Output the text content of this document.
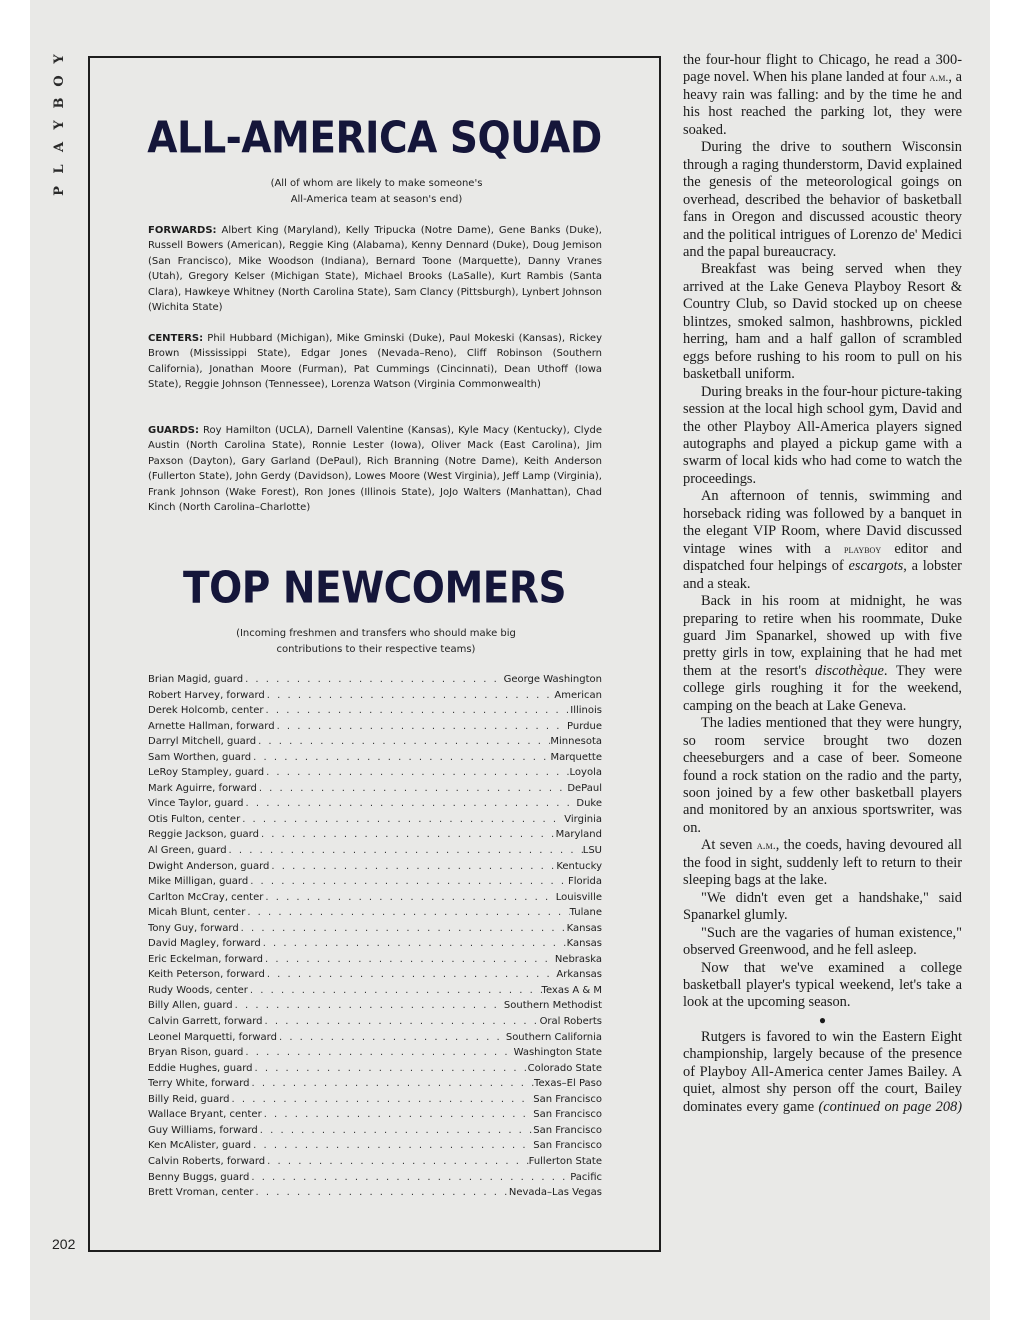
Y
O
B
Y
A
L
P
202
ALL-AMERICA SQUAD
(All of whom are likely to make someone's
All-America team at season's end)
FORWARDS: Albert King (Maryland), Kelly Tripucka (Notre Dame), Gene Banks (Duke), Russell Bowers (American), Reggie King (Alabama), Kenny Dennard (Duke), Doug Jemison (San Francisco), Mike Woodson (Indiana), Bernard Toone (Marquette), Danny Vranes (Utah), Gregory Kelser (Michigan State), Michael Brooks (LaSalle), Kurt Rambis (Santa Clara), Hawkeye Whitney (North Carolina State), Sam Clancy (Pittsburgh), Lynbert Johnson (Wichita State)
CENTERS: Phil Hubbard (Michigan), Mike Gminski (Duke), Paul Mokeski (Kansas), Rickey Brown (Mississippi State), Edgar Jones (Nevada–Reno), Cliff Robinson (Southern California), Jonathan Moore (Furman), Pat Cummings (Cincinnati), Dean Uthoff (Iowa State), Reggie Johnson (Tennessee), Lorenza Watson (Virginia Commonwealth)
GUARDS: Roy Hamilton (UCLA), Darnell Valentine (Kansas), Kyle Macy (Kentucky), Clyde Austin (North Carolina State), Ronnie Lester (Iowa), Oliver Mack (East Carolina), Jim Paxson (Dayton), Gary Garland (DePaul), Rich Branning (Notre Dame), Keith Anderson (Fullerton State), John Gerdy (Davidson), Lowes Moore (West Virginia), Jeff Lamp (Virginia), Frank Johnson (Wake Forest), Ron Jones (Illinois State), JoJo Walters (Manhattan), Chad Kinch (North Carolina–Charlotte)
TOP NEWCOMERS
(Incoming freshmen and transfers who should make big
contributions to their respective teams)
Brian Magid, guard . . .	George Washington
Robert Harvey, forward . . .	American
Derek Holcomb, center . . .	Illinois
Arnette Hallman, forward . . .	Purdue
Darryl Mitchell, guard . . .	Minnesota
Sam Worthen, guard . . .	Marquette
LeRoy Stampley, guard . . .	Loyola
Mark Aguirre, forward . . .	DePaul
Vince Taylor, guard . . .	Duke
Otis Fulton, center . . .	Virginia
Reggie Jackson, guard . . .	Maryland
Al Green, guard . . .	LSU
Dwight Anderson, guard . . .	Kentucky
Mike Milligan, guard . . .	Florida
Carlton McCray, center . . .	Louisville
Micah Blunt, center . . .	Tulane
Tony Guy, forward . . .	Kansas
David Magley, forward . . .	Kansas
Eric Eckelman, forward . . .	Nebraska
Keith Peterson, forward . . .	Arkansas
Rudy Woods, center . . .	Texas A & M
Billy Allen, guard . . .	Southern Methodist
Calvin Garrett, forward . . .	Oral Roberts
Leonel Marquetti, forward . . .	Southern California
Bryan Rison, guard . . .	Washington State
Eddie Hughes, guard . . .	Colorado State
Terry White, forward . . .	Texas–El Paso
Billy Reid, guard . . .	San Francisco
Wallace Bryant, center . . .	San Francisco
Guy Williams, forward . . .	San Francisco
Ken McAlister, guard . . .	San Francisco
Calvin Roberts, forward . . .	Fullerton State
Benny Buggs, guard . . .	Pacific
Brett Vroman, center . . .	Nevada–Las Vegas

the four-hour flight to Chicago, he read a 300-page novel. When his plane landed at four a.m., a heavy rain was falling: and by the time he and his host reached the parking lot, they were soaked.

During the drive to southern Wisconsin through a raging thunderstorm, David explained the genesis of the meteorological goings on overhead, described the behavior of basketball fans in Oregon and discussed acoustic theory and the political intrigues of Lorenzo de' Medici and the papal bureaucracy.

Breakfast was being served when they arrived at the Lake Geneva Playboy Resort & Country Club, so David stocked up on cheese blintzes, smoked salmon, hashbrowns, pickled herring, ham and a half gallon of scrambled eggs before rushing to his room to pull on his basketball uniform.

During breaks in the four-hour picture-taking session at the local high school gym, David and the other Playboy All-America players signed autographs and played a pickup game with a swarm of local kids who had come to watch the proceedings.

An afternoon of tennis, swimming and horseback riding was followed by a banquet in the elegant VIP Room, where David discussed vintage wines with a playboy editor and dispatched four helpings of escargots, a lobster and a steak.

Back in his room at midnight, he was preparing to retire when his roommate, Duke guard Jim Spanarkel, showed up with five pretty girls in tow, explaining that he had met them at the resort's discothèque. They were college girls roughing it for the weekend, camping on the beach at Lake Geneva.

The ladies mentioned that they were hungry, so room service brought two dozen cheeseburgers and a case of beer. Someone found a rock station on the radio and the party, soon joined by a few other basketball players and monitored by an anxious sportswriter, was on.

At seven a.m., the coeds, having devoured all the food in sight, suddenly left to return to their sleeping bags at the lake.

"We didn't even get a handshake," said Spanarkel glumly.

"Such are the vagaries of human existence," observed Greenwood, and he fell asleep.

Now that we've examined a college basketball player's typical weekend, let's take a look at the upcoming season.

●

Rutgers is favored to win the Eastern Eight championship, largely because of the presence of Playboy All-America center James Bailey. A quiet, almost shy person off the court, Bailey dominates every game (continued on page 208)
